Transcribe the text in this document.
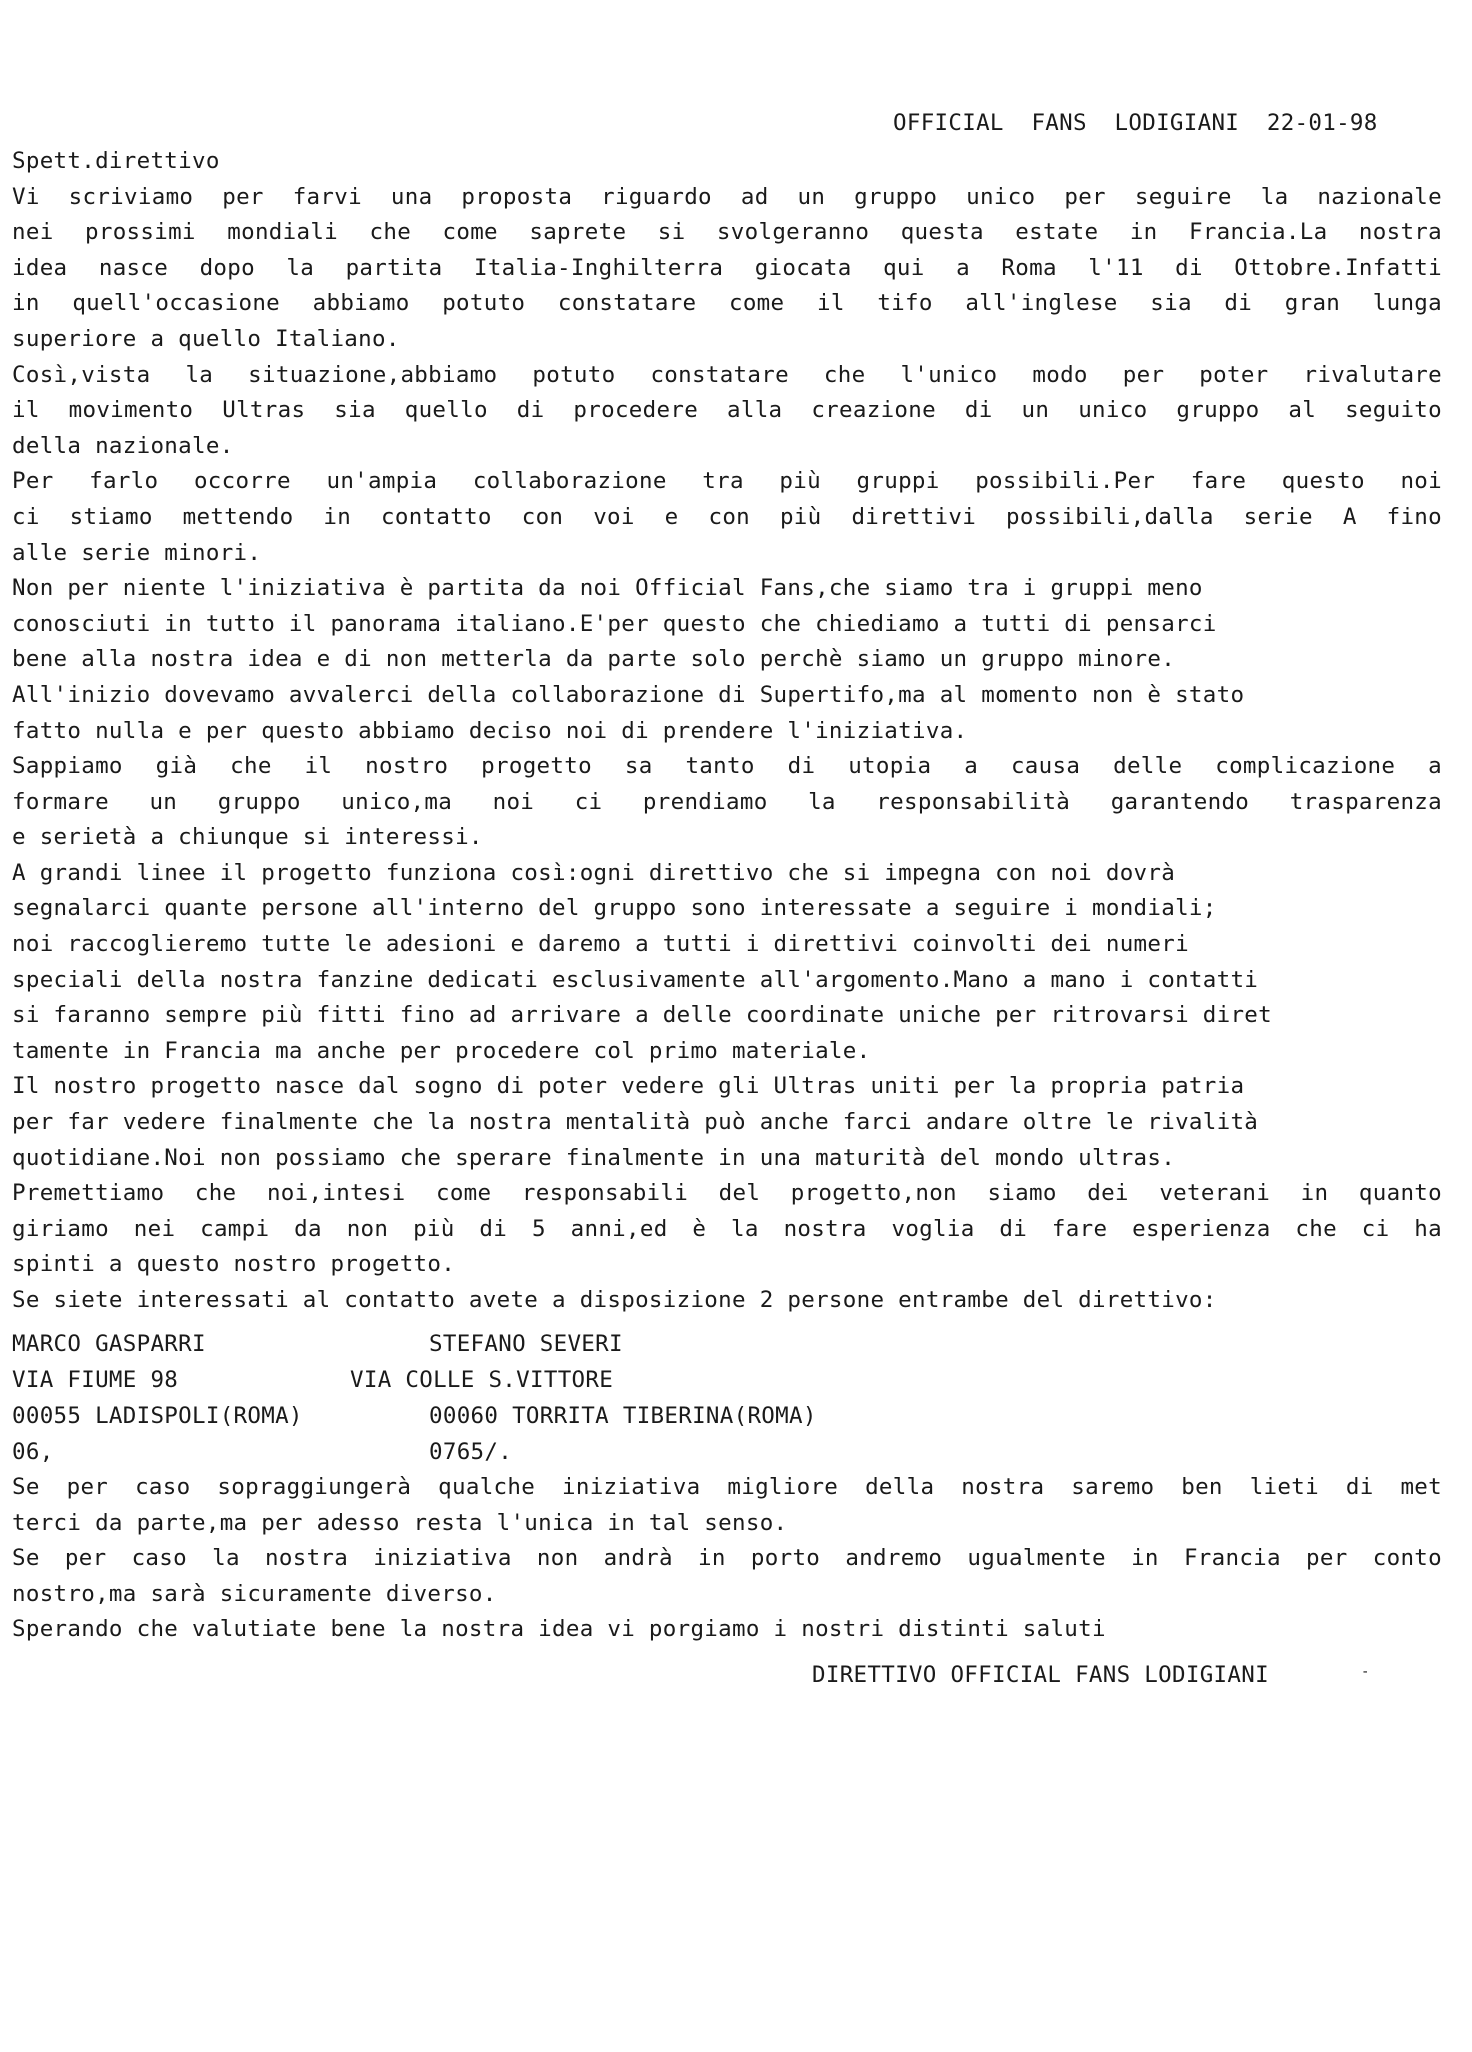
OFFICIAL  FANS  LODIGIANI  22-01-98
Spett.direttivo
Vi scriviamo per farvi una proposta riguardo ad un gruppo unico per seguire la nazionale
nei prossimi mondiali che come saprete si svolgeranno questa estate in Francia.La nostra
idea nasce dopo la partita Italia-Inghilterra giocata qui a Roma l'11 di Ottobre.Infatti
in quell'occasione abbiamo potuto constatare come il tifo all'inglese sia di gran lunga
superiore a quello Italiano.
Così,vista la situazione,abbiamo potuto constatare che l'unico modo per poter rivalutare
il movimento Ultras sia quello di procedere alla creazione di un unico gruppo al seguito
della nazionale.
Per farlo occorre un'ampia collaborazione tra più gruppi possibili.Per fare questo noi
ci stiamo mettendo in contatto con voi e con più direttivi possibili,dalla serie A fino
alle serie minori.
Non per niente l'iniziativa è partita da noi Official Fans,che siamo tra i gruppi meno
conosciuti in tutto il panorama italiano.E'per questo che chiediamo a tutti di pensarci
bene alla nostra idea e di non metterla da parte solo perchè siamo un gruppo minore.
All'inizio dovevamo avvalerci della collaborazione di Supertifo,ma al momento non è stato
fatto nulla e per questo abbiamo deciso noi di prendere l'iniziativa.
Sappiamo già che il nostro progetto sa tanto di utopia a causa delle complicazione a
formare un gruppo unico,ma noi ci prendiamo la responsabilità garantendo trasparenza
e serietà a chiunque si interessi.
A grandi linee il progetto funziona così:ogni direttivo che si impegna con noi dovrà
segnalarci quante persone all'interno del gruppo sono interessate a seguire i mondiali;
noi raccoglieremo tutte le adesioni e daremo a tutti i direttivi coinvolti dei numeri
speciali della nostra fanzine dedicati esclusivamente all'argomento.Mano a mano i contatti
si faranno sempre più fitti fino ad arrivare a delle coordinate uniche per ritrovarsi diret
tamente in Francia ma anche per procedere col primo materiale.
Il nostro progetto nasce dal sogno di poter vedere gli Ultras uniti per la propria patria
per far vedere finalmente che la nostra mentalità può anche farci andare oltre le rivalità
quotidiane.Noi non possiamo che sperare finalmente in una maturità del mondo ultras.
Premettiamo che noi,intesi come responsabili del progetto,non siamo dei veterani in quanto
giriamo nei campi da non più di 5 anni,ed è la nostra voglia di fare esperienza che ci ha
spinti a questo nostro progetto.
Se siete interessati al contatto avete a disposizione 2 persone entrambe del direttivo:
MARCO GASPARRI	STEFANO SEVERI
VIA FIUME 98	VIA COLLE S.VITTORE
00055 LADISPOLI(ROMA)	00060 TORRITA TIBERINA(ROMA)
06,	0765/.
Se per caso sopraggiungerà qualche iniziativa migliore della nostra saremo ben lieti di met
terci da parte,ma per adesso resta l'unica in tal senso.
Se per caso la nostra iniziativa non andrà in porto andremo ugualmente in Francia per conto
nostro,ma sarà sicuramente diverso.
Sperando che valutiate bene la nostra idea vi porgiamo i nostri distinti saluti
DIRETTIVO OFFICIAL FANS LODIGIANI	-
